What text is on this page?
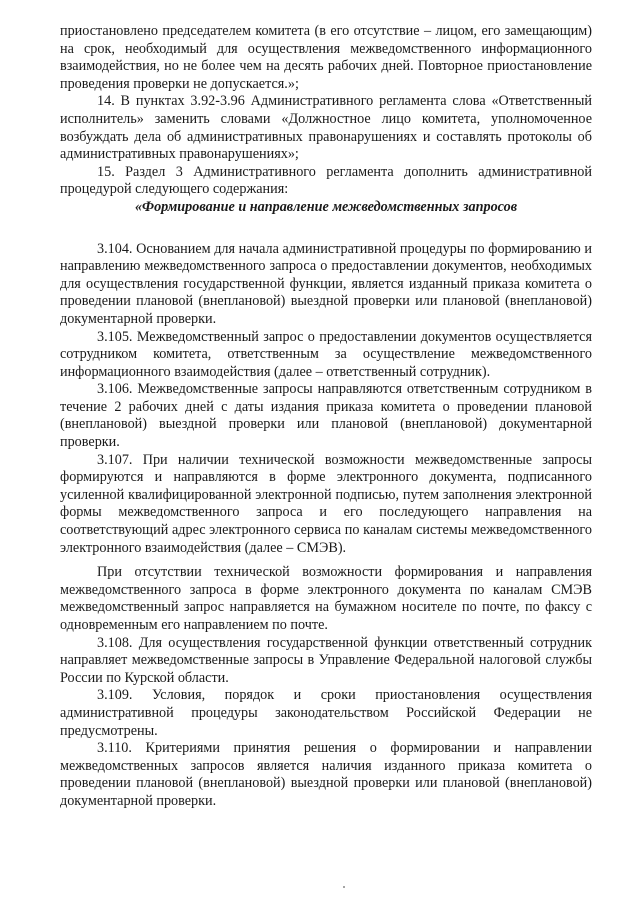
приостановлено председателем комитета (в его отсутствие – лицом, его замещающим) на срок, необходимый для осуществления межведомственного информационного взаимодействия, но не более чем на десять рабочих дней. Повторное приостановление проведения проверки не допускается.»;

14. В пунктах 3.92-3.96 Административного регламента слова «Ответственный исполнитель» заменить словами «Должностное лицо комитета, уполномоченное возбуждать дела об административных правонарушениях и составлять протоколы об административных правонарушениях»;

15. Раздел 3 Административного регламента дополнить административной процедурой следующего содержания:

«Формирование и направление межведомственных запросов

3.104. Основанием для начала административной процедуры по формированию и направлению межведомственного запроса о предоставлении документов, необходимых для осуществления государственной функции, является изданный приказа комитета о проведении плановой (внеплановой) выездной проверки или плановой (внеплановой) документарной проверки.

3.105. Межведомственный запрос о предоставлении документов осуществляется сотрудником комитета, ответственным за осуществление межведомственного информационного взаимодействия (далее – ответственный сотрудник).

3.106. Межведомственные запросы направляются ответственным сотрудником в течение 2 рабочих дней с даты издания приказа комитета о проведении плановой (внеплановой) выездной проверки или плановой (внеплановой) документарной проверки.

3.107. При наличии технической возможности межведомственные запросы формируются и направляются в форме электронного документа, подписанного усиленной квалифицированной электронной подписью, путем заполнения электронной формы межведомственного запроса и его последующего направления на соответствующий адрес электронного сервиса по каналам системы межведомственного электронного взаимодействия (далее – СМЭВ).

При отсутствии технической возможности формирования и направления межведомственного запроса в форме электронного документа по каналам СМЭВ межведомственный запрос направляется на бумажном носителе по почте, по факсу с одновременным его направлением по почте.

3.108. Для осуществления государственной функции ответственный сотрудник направляет межведомственные запросы в Управление Федеральной налоговой службы России по Курской области.

3.109. Условия, порядок и сроки приостановления осуществления административной процедуры законодательством Российской Федерации не предусмотрены.

3.110. Критериями принятия решения о формировании и направлении межведомственных запросов является наличия изданного приказа комитета о проведении плановой (внеплановой) выездной проверки или плановой (внеплановой) документарной проверки.
